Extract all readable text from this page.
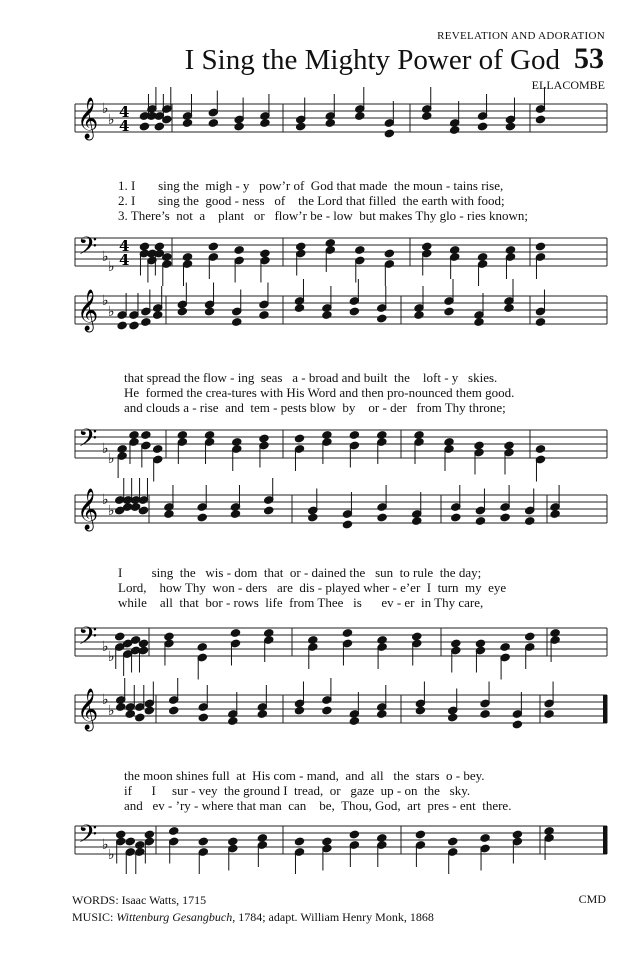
REVELATION AND ADORATION
I Sing the Mighty Power of God 53
ELLACOMBE
𝄞 ♭
♭ 4
4
𝄢 ♭
♭
4
4
𝄞 ♭
♭
𝄢 ♭
♭
𝄞 ♭
♭
𝄢 ♭
♭
𝄞 ♭
♭
𝄢 ♭
♭
1. I       sing the  migh - y   pow’r of  God that made  the moun - tains rise,
2. I       sing the  good - ness   of    the Lord that filled  the earth with food;
3. There’s  not  a    plant   or   flow’r be - low  but makes Thy glo - ries known;
that spread the flow - ing  seas   a - broad and built  the    loft - y   skies.
He  formed the crea-tures with His Word and then pro-nounced them good.
and clouds a - rise  and  tem - pests blow  by    or - der   from Thy throne;
I         sing  the   wis - dom  that  or - dained the   sun  to rule  the day;
Lord,    how Thy  won - ders   are  dis - played wher - e’er  I  turn  my  eye
while    all  that  bor - rows  life  from Thee   is      ev - er  in Thy care,
the moon shines full  at  His com - mand,  and  all   the  stars  o - bey.
if      I     sur - vey  the ground I  tread,  or   gaze  up - on  the   sky.
and   ev - ’ry - where that man  can    be,  Thou, God,  art  pres - ent  there.
WORDS: Isaac Watts, 1715
MUSIC: Wittenburg Gesangbuch, 1784; adapt. William Henry Monk, 1868
CMD
